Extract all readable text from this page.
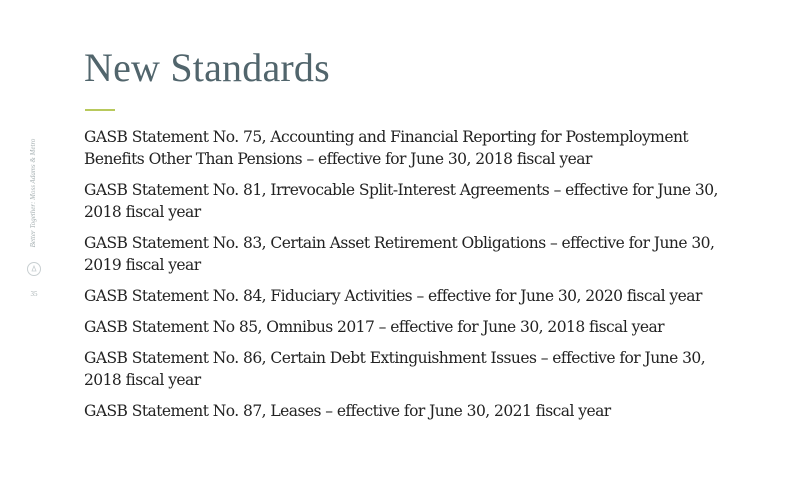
New Standards
Better Together: Moss Adams & Metro
35
GASB Statement No. 75, Accounting and Financial Reporting for Postemployment Benefits Other Than Pensions – effective for June 30, 2018 fiscal year
GASB Statement No. 81, Irrevocable Split-Interest Agreements – effective for June 30, 2018 fiscal year
GASB Statement No. 83, Certain Asset Retirement Obligations – effective for June 30, 2019 fiscal year
GASB Statement No. 84, Fiduciary Activities – effective for June 30, 2020 fiscal year
GASB Statement No 85, Omnibus 2017 – effective for June 30, 2018 fiscal year
GASB Statement No. 86, Certain Debt Extinguishment Issues – effective for June 30, 2018 fiscal year
GASB Statement No. 87, Leases – effective for June 30, 2021 fiscal year
